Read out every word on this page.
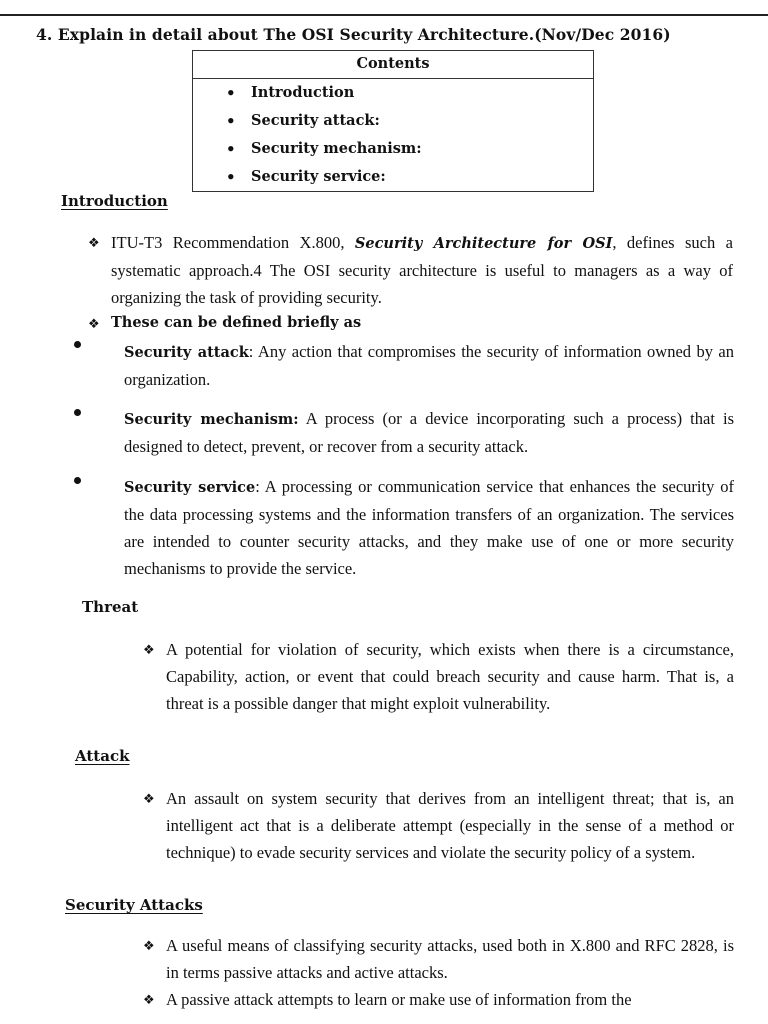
4. Explain in detail about The OSI Security Architecture.(Nov/Dec 2016)

Contents
• Introduction
• Security attack:
• Security mechanism:
• Security service:
Introduction
❖ ITU-T3 Recommendation X.800, Security Architecture for OSI, defines such a systematic approach.4 The OSI security architecture is useful to managers as a way of organizing the task of providing security.

❖ These can be defined briefly as

Security attack: Any action that compromises the security of information owned by an organization.

Security mechanism: A process (or a device incorporating such a process) that is designed to detect, prevent, or recover from a security attack.

Security service: A processing or communication service that enhances the security of the data processing systems and the information transfers of an organization. The services are intended to counter security attacks, and they make use of one or more security mechanisms to provide the service.

Threat
❖ A potential for violation of security, which exists when there is a circumstance, Capability, action, or event that could breach security and cause harm. That is, a threat is a possible danger that might exploit vulnerability.

Attack
❖ An assault on system security that derives from an intelligent threat; that is, an intelligent act that is a deliberate attempt (especially in the sense of a method or technique) to evade security services and violate the security policy of a system.

Security Attacks
❖ A useful means of classifying security attacks, used both in X.800 and RFC 2828, is in terms passive attacks and active attacks.

❖ A passive attack attempts to learn or make use of information from the
